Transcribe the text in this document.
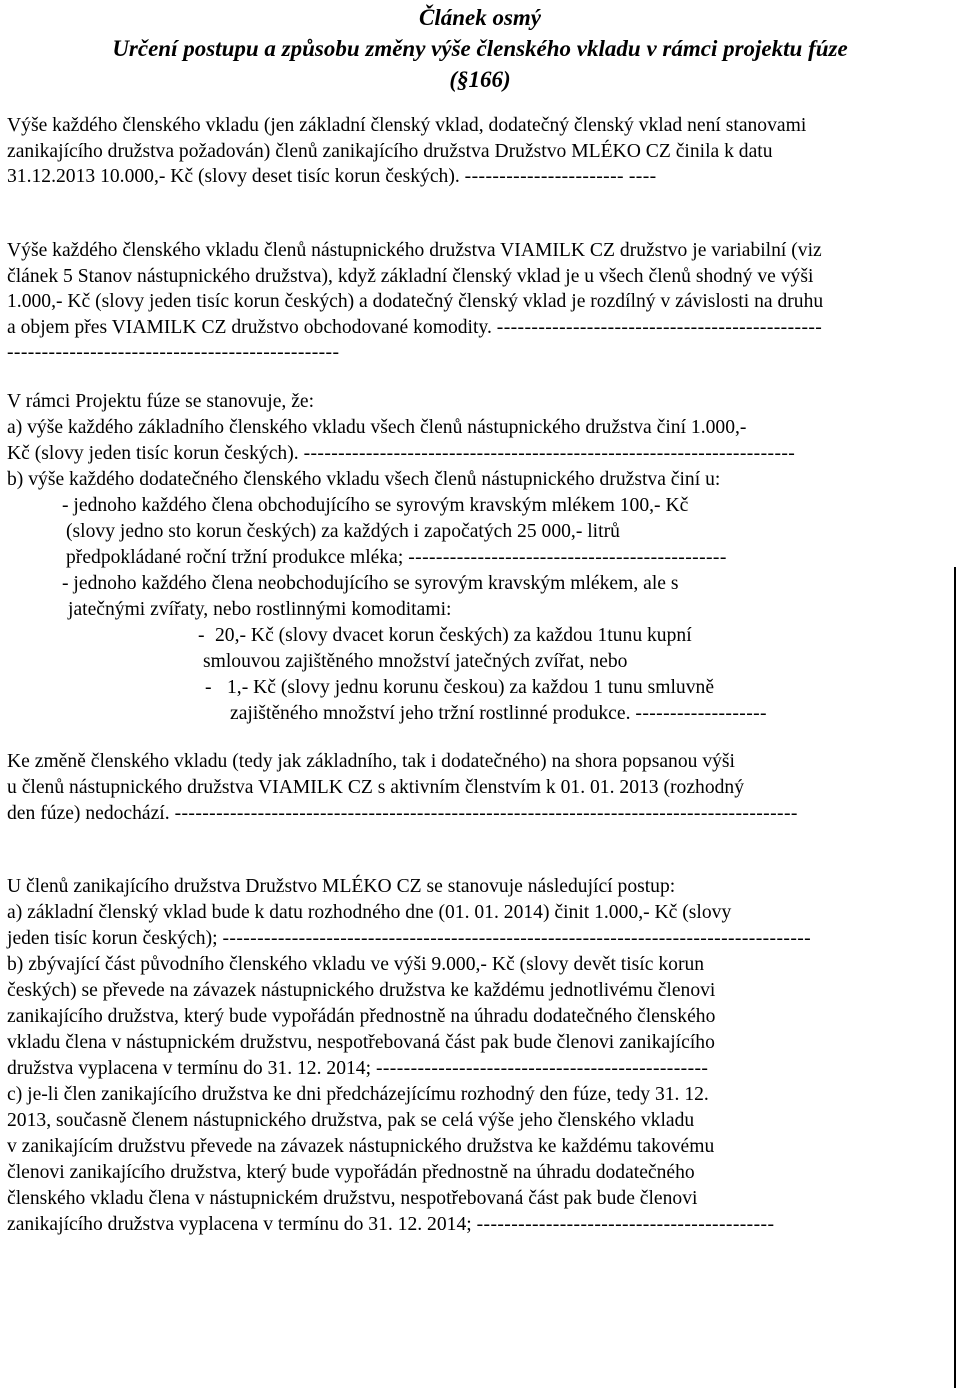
Článek osmý
Určení postupu a způsobu změny výše členského vkladu v rámci projektu fúze
(§166)

Výše každého členského vkladu (jen základní členský vklad, dodatečný členský vklad není stanovami zanikajícího družstva požadován) členů zanikajícího družstva Družstvo MLÉKO CZ činila k datu 31.12.2013 10.000,- Kč (slovy deset tisíc korun českých). ----------------------- ----

Výše každého členského vkladu členů nástupnického družstva VIAMILK CZ družstvo je variabilní (viz článek 5 Stanov nástupnického družstva), když základní členský vklad je u všech členů shodný ve výši 1.000,- Kč (slovy jeden tisíc korun českých) a dodatečný členský vklad je rozdílný v závislosti na druhu a objem přes VIAMILK CZ družstvo obchodované komodity. -----------------------------------------------------------------------------------------------

V rámci Projektu fúze se stanovuje, že:
a) výše každého základního členského vkladu všech členů nástupnického družstva činí 1.000,-
Kč (slovy jeden tisíc korun českých). -----------------------------------------------------------------------
b) výše každého dodatečného členského vkladu všech členů nástupnického družstva činí u:
- jednoho každého člena obchodujícího se syrovým kravským mlékem 100,- Kč
(slovy jedno sto korun českých) za každých i započatých 25 000,- litrů
předpokládané roční tržní produkce mléka; ----------------------------------------------
- jednoho každého člena neobchodujícího se syrovým kravským mlékem, ale s
jatečnými zvířaty, nebo rostlinnými komoditami:
- 20,- Kč (slovy dvacet korun českých) za každou 1tunu kupní
smlouvou zajištěného množství jatečných zvířat, nebo
- 1,- Kč (slovy jednu korunu českou) za každou 1 tunu smluvně
zajištěného množství jeho tržní rostlinné produkce. -------------------
Ke změně členského vkladu (tedy jak základního, tak i dodatečného) na shora popsanou výši
u členů nástupnického družstva VIAMILK CZ s aktivním členstvím k 01. 01. 2013 (rozhodný
den fúze) nedochází. ------------------------------------------------------------------------------------------
U členů zanikajícího družstva Družstvo MLÉKO CZ se stanovuje následující postup:
a) základní členský vklad bude k datu rozhodného dne (01. 01. 2014) činit 1.000,- Kč (slovy
jeden tisíc korun českých); -------------------------------------------------------------------------------------
b) zbývající část původního členského vkladu ve výši 9.000,- Kč (slovy devět tisíc korun
českých) se převede na závazek nástupnického družstva ke každému jednotlivému členovi
zanikajícího družstva, který bude vypořádán přednostně na úhradu dodatečného členského
vkladu člena v nástupnickém družstvu, nespotřebovaná část pak bude členovi zanikajícího
družstva vyplacena v termínu do 31. 12. 2014; ------------------------------------------------
c) je-li člen zanikajícího družstva ke dni předcházejícímu rozhodný den fúze, tedy 31. 12.
2013, současně členem nástupnického družstva, pak se celá výše jeho členského vkladu
v zanikajícím družstvu převede na závazek nástupnického družstva ke každému takovému
členovi zanikajícího družstva, který bude vypořádán přednostně na úhradu dodatečného
členského vkladu člena v nástupnickém družstvu, nespotřebovaná část pak bude členovi
zanikajícího družstva vyplacena v termínu do 31. 12. 2014; -------------------------------------------
